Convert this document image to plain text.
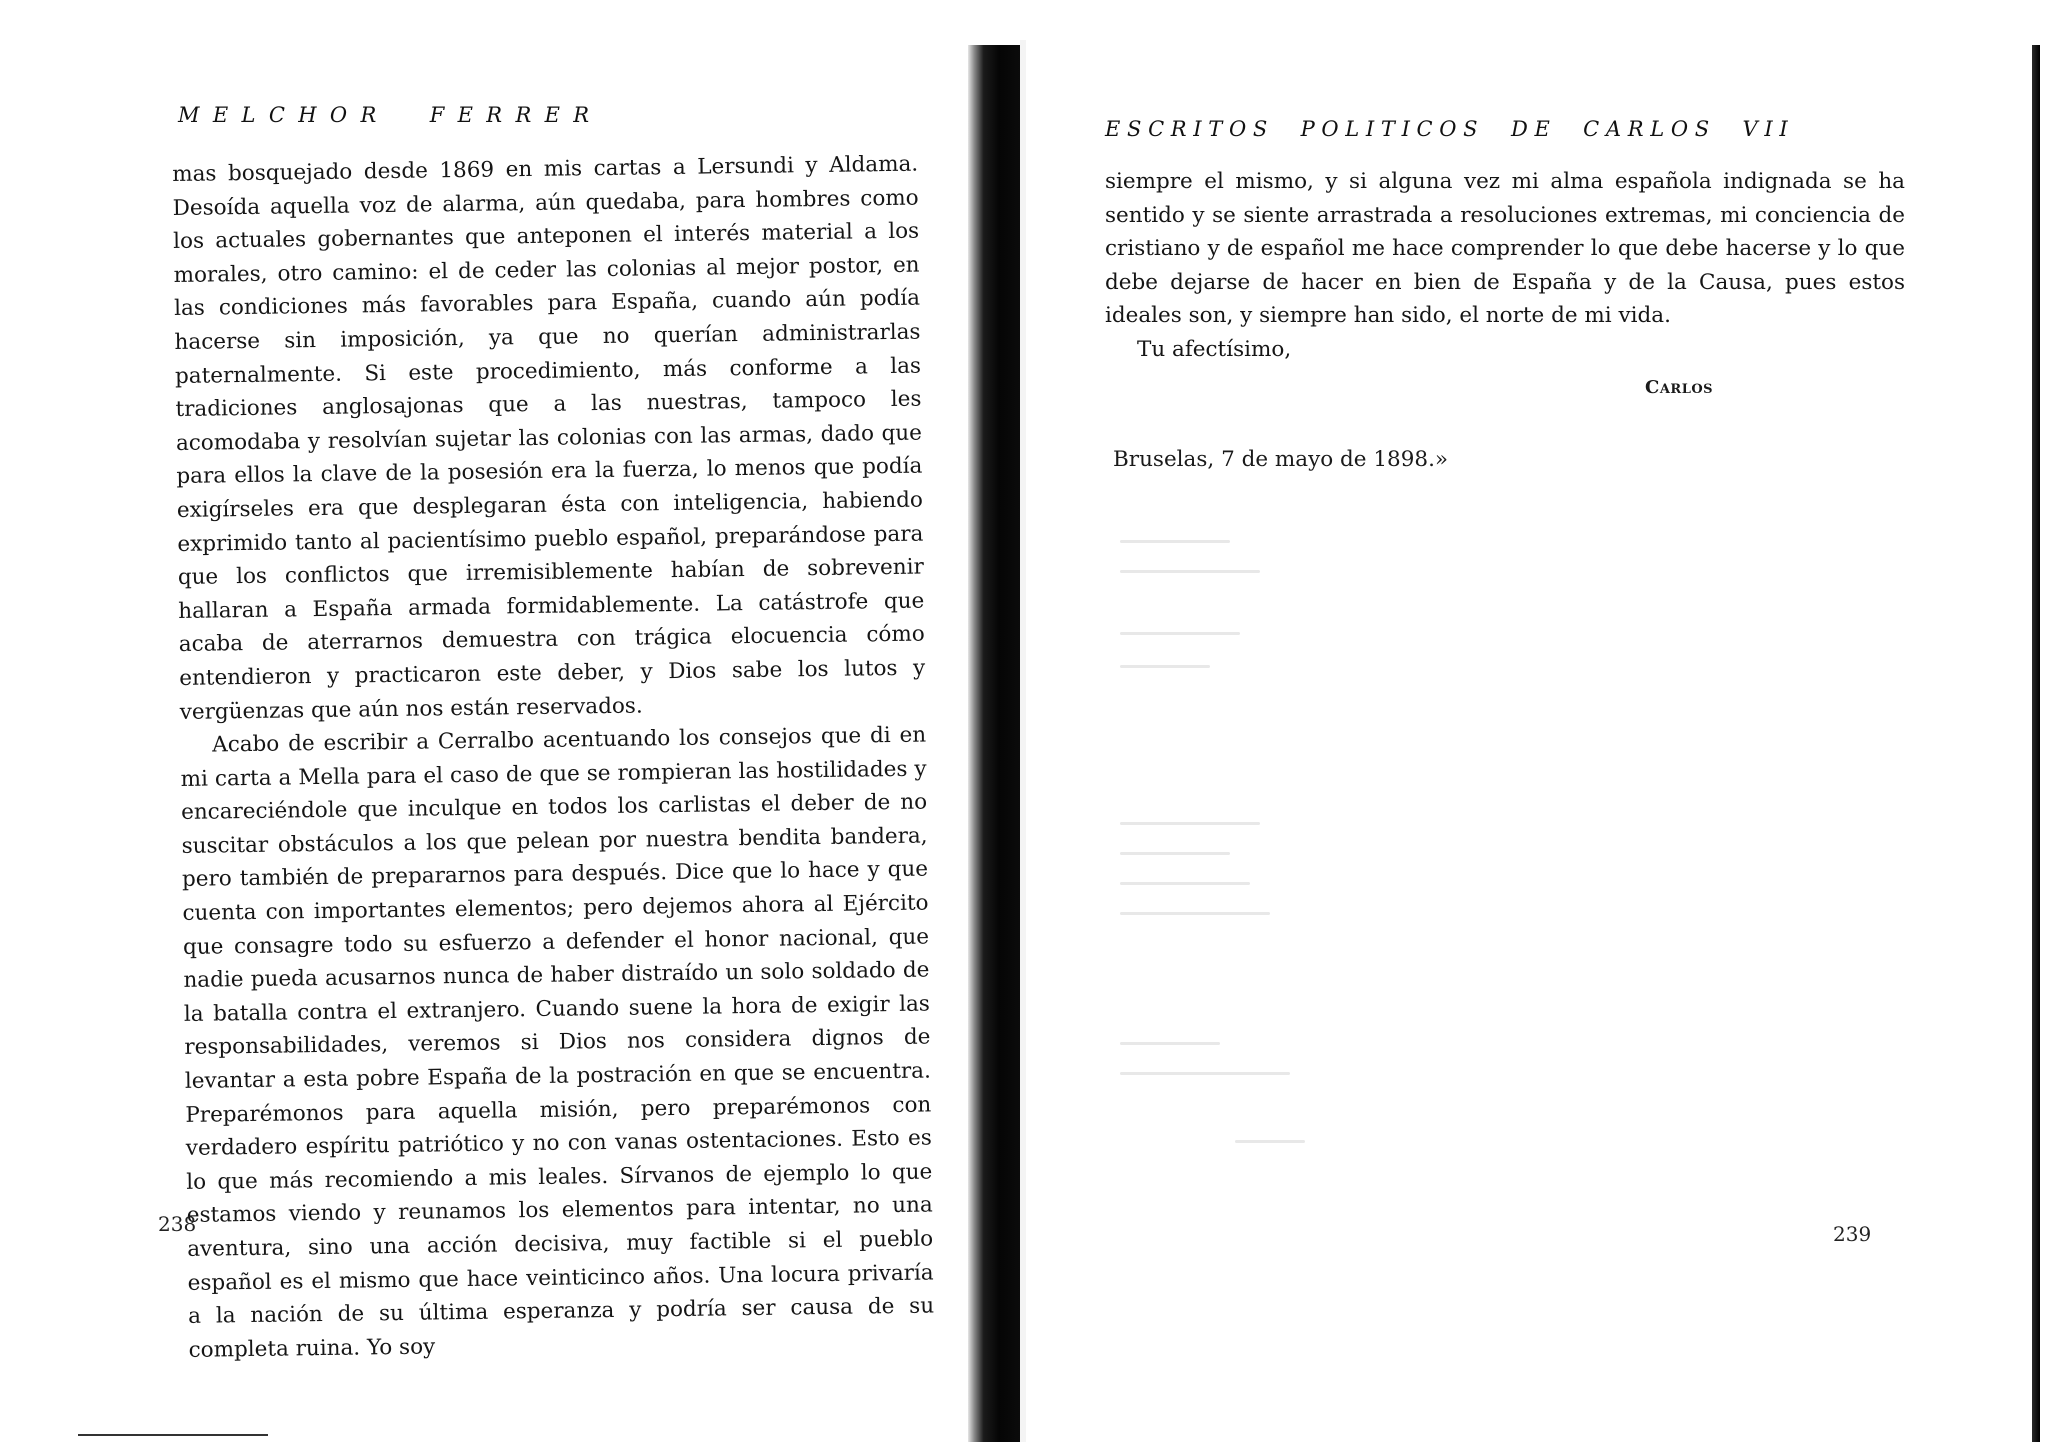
M  E  L  C  H  O  R        F  E  R  R  E  R

mas bosquejado desde 1869 en mis cartas a Lersundi y Aldama. Desoída aquella voz de alarma, aún quedaba, para hombres como los actuales gobernantes que anteponen el interés material a los morales, otro camino: el de ceder las colonias al mejor postor, en las condiciones más favorables para España, cuando aún podía hacerse sin imposición, ya que no querían administrarlas paternalmente. Si este procedimiento, más conforme a las tradiciones anglosajonas que a las nuestras, tampoco les acomodaba y resolvían sujetar las colonias con las armas, dado que para ellos la clave de la posesión era la fuerza, lo menos que podía exigírseles era que desplegaran ésta con inteligencia, habiendo exprimido tanto al pacientísimo pueblo español, preparándose para que los conflictos que irremisiblemente habían de sobrevenir hallaran a España armada formidablemente. La catástrofe que acaba de aterrarnos demuestra con trágica elocuencia cómo entendieron y practicaron este deber, y Dios sabe los lutos y vergüenzas que aún nos están reservados.

Acabo de escribir a Cerralbo acentuando los consejos que di en mi carta a Mella para el caso de que se rompieran las hostilidades y encareciéndole que inculque en todos los carlistas el deber de no suscitar obstáculos a los que pelean por nuestra bendita bandera, pero también de prepararnos para después. Dice que lo hace y que cuenta con importantes elementos; pero dejemos ahora al Ejército que consagre todo su esfuerzo a defender el honor nacional, que nadie pueda acusarnos nunca de haber distraído un solo soldado de la batalla contra el extranjero. Cuando suene la hora de exigir las responsabilidades, veremos si Dios nos considera dignos de levantar a esta pobre España de la postración en que se encuentra. Preparémonos para aquella misión, pero preparémonos con verdadero espíritu patriótico y no con vanas ostentaciones. Esto es lo que más recomiendo a mis leales. Sírvanos de ejemplo lo que estamos viendo y reunamos los elementos para intentar, no una aventura, sino una acción decisiva, muy factible si el pueblo español es el mismo que hace veinticinco años. Una locura privaría a la nación de su última esperanza y podría ser causa de su completa ruina. Yo soy

238
E S C R I T O S     P O L I T I C O S     D E     C A R L O S     V I I

siempre el mismo, y si alguna vez mi alma española indignada se ha sentido y se siente arrastrada a resoluciones extremas, mi conciencia de cristiano y de español me hace comprender lo que debe hacerse y lo que debe dejarse de hacer en bien de España y de la Causa, pues estos ideales son, y siempre han sido, el norte de mi vida.

Tu afectísimo,

Carlos
Bruselas, 7 de mayo de 1898.»
239
